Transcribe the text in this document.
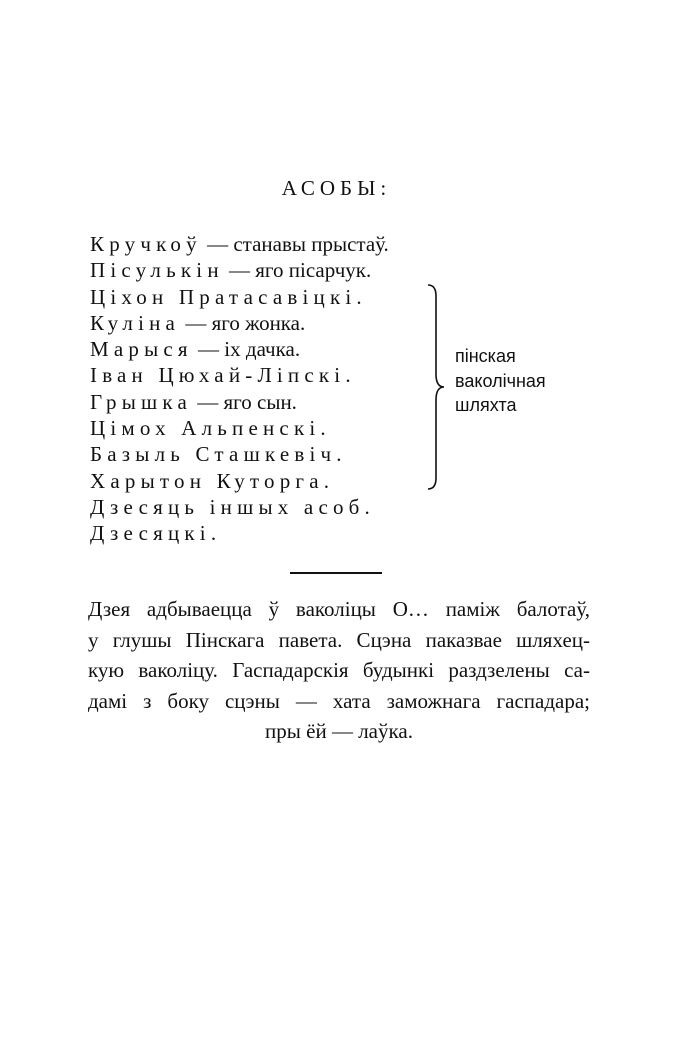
АСОБЫ:
Кручкоў — станавы прыстаў.
Пісулькін — яго пісарчук.
Ціхон Пратасавіцкі.
Куліна — яго жонка.
Марыся — іх дачка.
Іван Цюхай-Ліпскі.
Грышка — яго сын.
Цімох Альпенскі.
Базыль Сташкевіч.
Харытон Куторга.
Дзесяць іншых асоб.
Дзесяцкі.
пінская
ваколічная
шляхта
Дзея адбываецца ў ваколіцы О… паміж балотаў,
у глушы Пінскага павета. Сцэна паказвае шляхец-
кую ваколіцу. Гаспадарскія будынкі раздзелены са-
дамі з боку сцэны — хата заможнага гаспадара;
пры ёй — лаўка.
